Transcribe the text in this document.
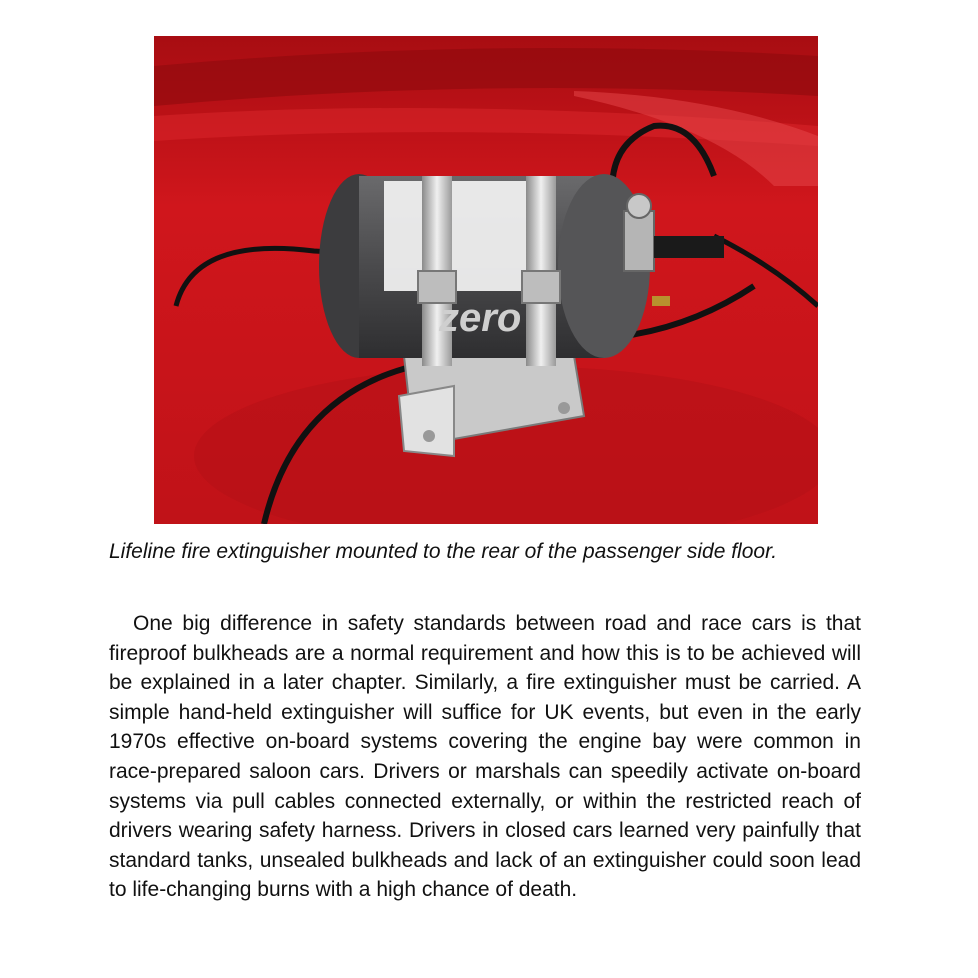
zero

Lifeline fire extinguisher mounted to the rear of the passenger side floor.

One big difference in safety standards between road and race cars is that fireproof bulkheads are a normal requirement and how this is to be achieved will be explained in a later chapter. Similarly, a fire extinguisher must be carried. A simple hand-held extinguisher will suffice for UK events, but even in the early 1970s effective on-board systems covering the engine bay were common in race-prepared saloon cars. Drivers or marshals can speedily activate on-board systems via pull cables connected externally, or within the restricted reach of drivers wearing safety harness. Drivers in closed cars learned very painfully that standard tanks, unsealed bulkheads and lack of an extinguisher could soon lead to life-changing burns with a high chance of death.
